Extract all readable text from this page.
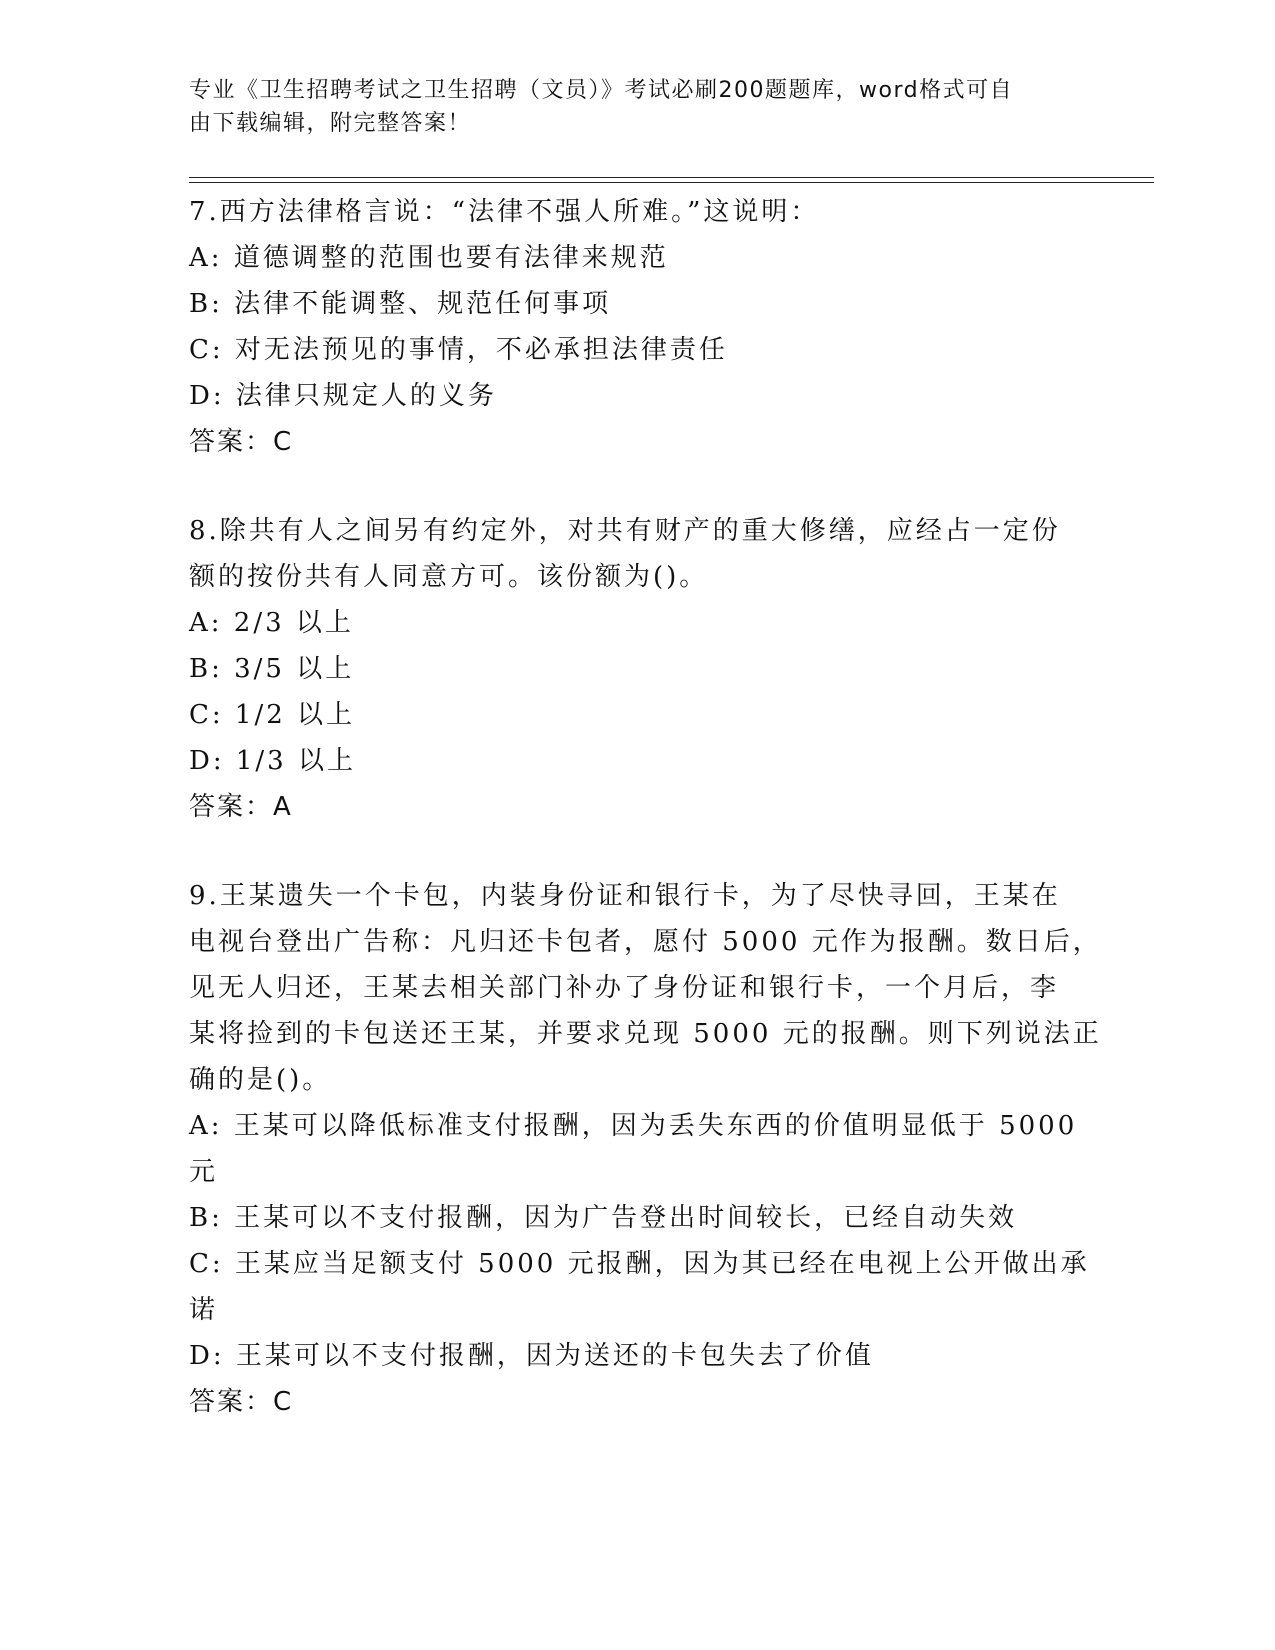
专业《卫生招聘考试之卫生招聘（文员）》考试必刷200题题库，word格式可自
由下载编辑，附完整答案！
7.西方法律格言说：“法律不强人所难。”这说明：
A: 道德调整的范围也要有法律来规范
B: 法律不能调整、规范任何事项
C: 对无法预见的事情，不必承担法律责任
D: 法律只规定人的义务
答案：C
8.除共有人之间另有约定外，对共有财产的重大修缮，应经占一定份
额的按份共有人同意方可。该份额为()。
A: 2/3 以上
B: 3/5 以上
C: 1/2 以上
D: 1/3 以上
答案：A
9.王某遗失一个卡包，内装身份证和银行卡，为了尽快寻回，王某在
电视台登出广告称：凡归还卡包者，愿付 5000 元作为报酬。数日后，
见无人归还，王某去相关部门补办了身份证和银行卡，一个月后，李
某将捡到的卡包送还王某，并要求兑现 5000 元的报酬。则下列说法正
确的是()。
A: 王某可以降低标准支付报酬，因为丢失东西的价值明显低于 5000
元
B: 王某可以不支付报酬，因为广告登出时间较长，已经自动失效
C: 王某应当足额支付 5000 元报酬，因为其已经在电视上公开做出承
诺
D: 王某可以不支付报酬，因为送还的卡包失去了价值
答案：C
